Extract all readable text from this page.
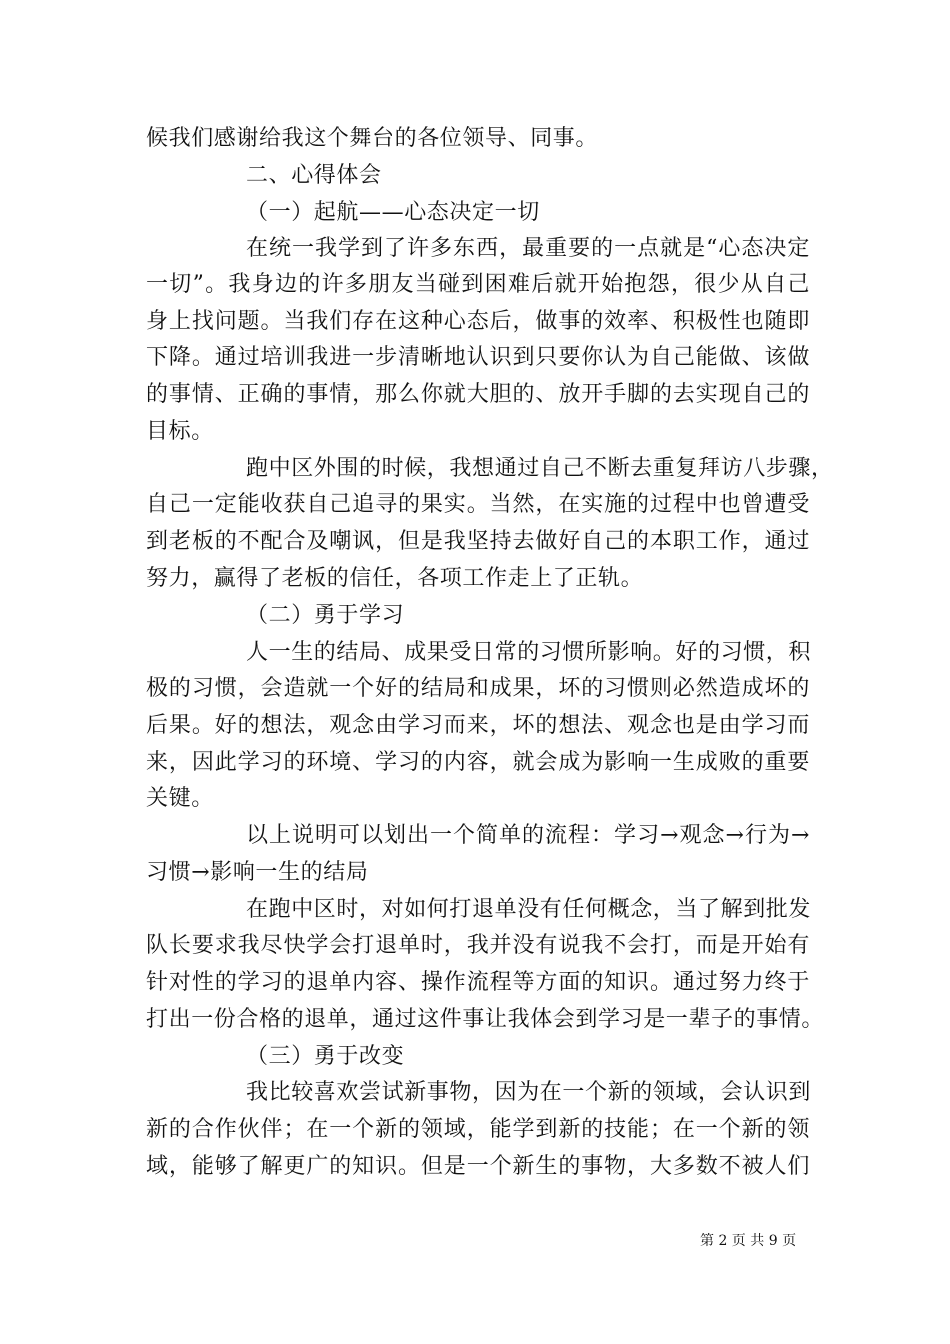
候我们感谢给我这个舞台的各位领导、同事。
二、心得体会
（一）起航——心态决定一切
在统一我学到了许多东西，最重要的一点就是“心态决定
一切”。我身边的许多朋友当碰到困难后就开始抱怨，很少从自己
身上找问题。当我们存在这种心态后，做事的效率、积极性也随即
下降。通过培训我进一步清晰地认识到只要你认为自己能做、该做
的事情、正确的事情，那么你就大胆的、放开手脚的去实现自己的
目标。
跑中区外围的时候，我想通过自己不断去重复拜访八步骤，
自己一定能收获自己追寻的果实。当然，在实施的过程中也曾遭受
到老板的不配合及嘲讽，但是我坚持去做好自己的本职工作，通过
努力，赢得了老板的信任，各项工作走上了正轨。
（二）勇于学习
人一生的结局、成果受日常的习惯所影响。好的习惯，积
极的习惯，会造就一个好的结局和成果，坏的习惯则必然造成坏的
后果。好的想法，观念由学习而来，坏的想法、观念也是由学习而
来，因此学习的环境、学习的内容，就会成为影响一生成败的重要
关键。
以上说明可以划出一个简单的流程：学习→观念→行为→
习惯→影响一生的结局
在跑中区时，对如何打退单没有任何概念，当了解到批发
队长要求我尽快学会打退单时，我并没有说我不会打，而是开始有
针对性的学习的退单内容、操作流程等方面的知识。通过努力终于
打出一份合格的退单，通过这件事让我体会到学习是一辈子的事情。
（三）勇于改变
我比较喜欢尝试新事物，因为在一个新的领域，会认识到
新的合作伙伴；在一个新的领域，能学到新的技能；在一个新的领
域，能够了解更广的知识。但是一个新生的事物，大多数不被人们
第 2 页 共 9 页
